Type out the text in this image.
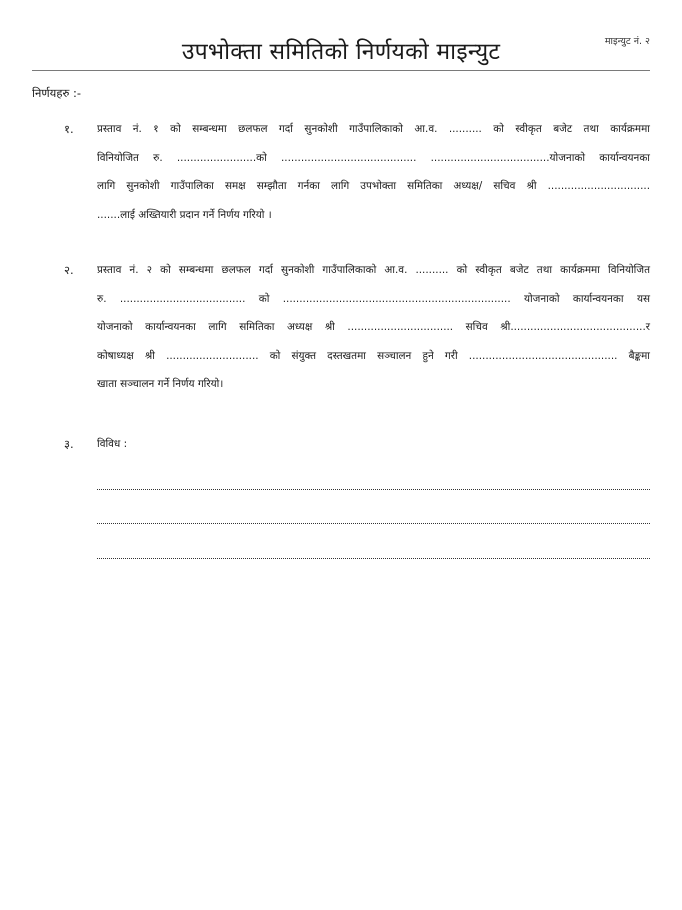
उपभोक्ता समितिको निर्णयको माइन्युट	माइन्युट नं. २
निर्णयहरु :-
१. प्रस्ताव नं. १ को सम्बन्धमा छलफल गर्दा सुनकोशी गाउँपालिकाको आ.व. .......... को स्वीकृत बजेट तथा कार्यक्रममा
विनियोजित रु. ........................को ......................................... ....................................योजनाको कार्यान्वयनका
लागि सुनकोशी गाउँपालिका समक्ष सम्झौता गर्नका लागि उपभोक्ता समितिका अध्यक्ष/ सचिव श्री ...............................
.......लाई अख्तियारी प्रदान गर्ने निर्णय गरियो ।
२. प्रस्ताव नं. २ को सम्बन्धमा छलफल गर्दा सुनकोशी गाउँपालिकाको आ.व. .......... को स्वीकृत बजेट तथा कार्यक्रममा विनियोजित
रु. ...................................... को ..................................................................... योजनाको कार्यान्वयनका यस
योजनाको कार्यान्वयनका लागि समितिका अध्यक्ष श्री ................................ सचिव श्री.........................................र
कोषाध्यक्ष श्री ............................ को संयुक्त दस्तखतमा सञ्चालन हुने गरी ............................................. बैङ्कमा
खाता सञ्चालन गर्ने निर्णय गरियो।
३. विविध :
